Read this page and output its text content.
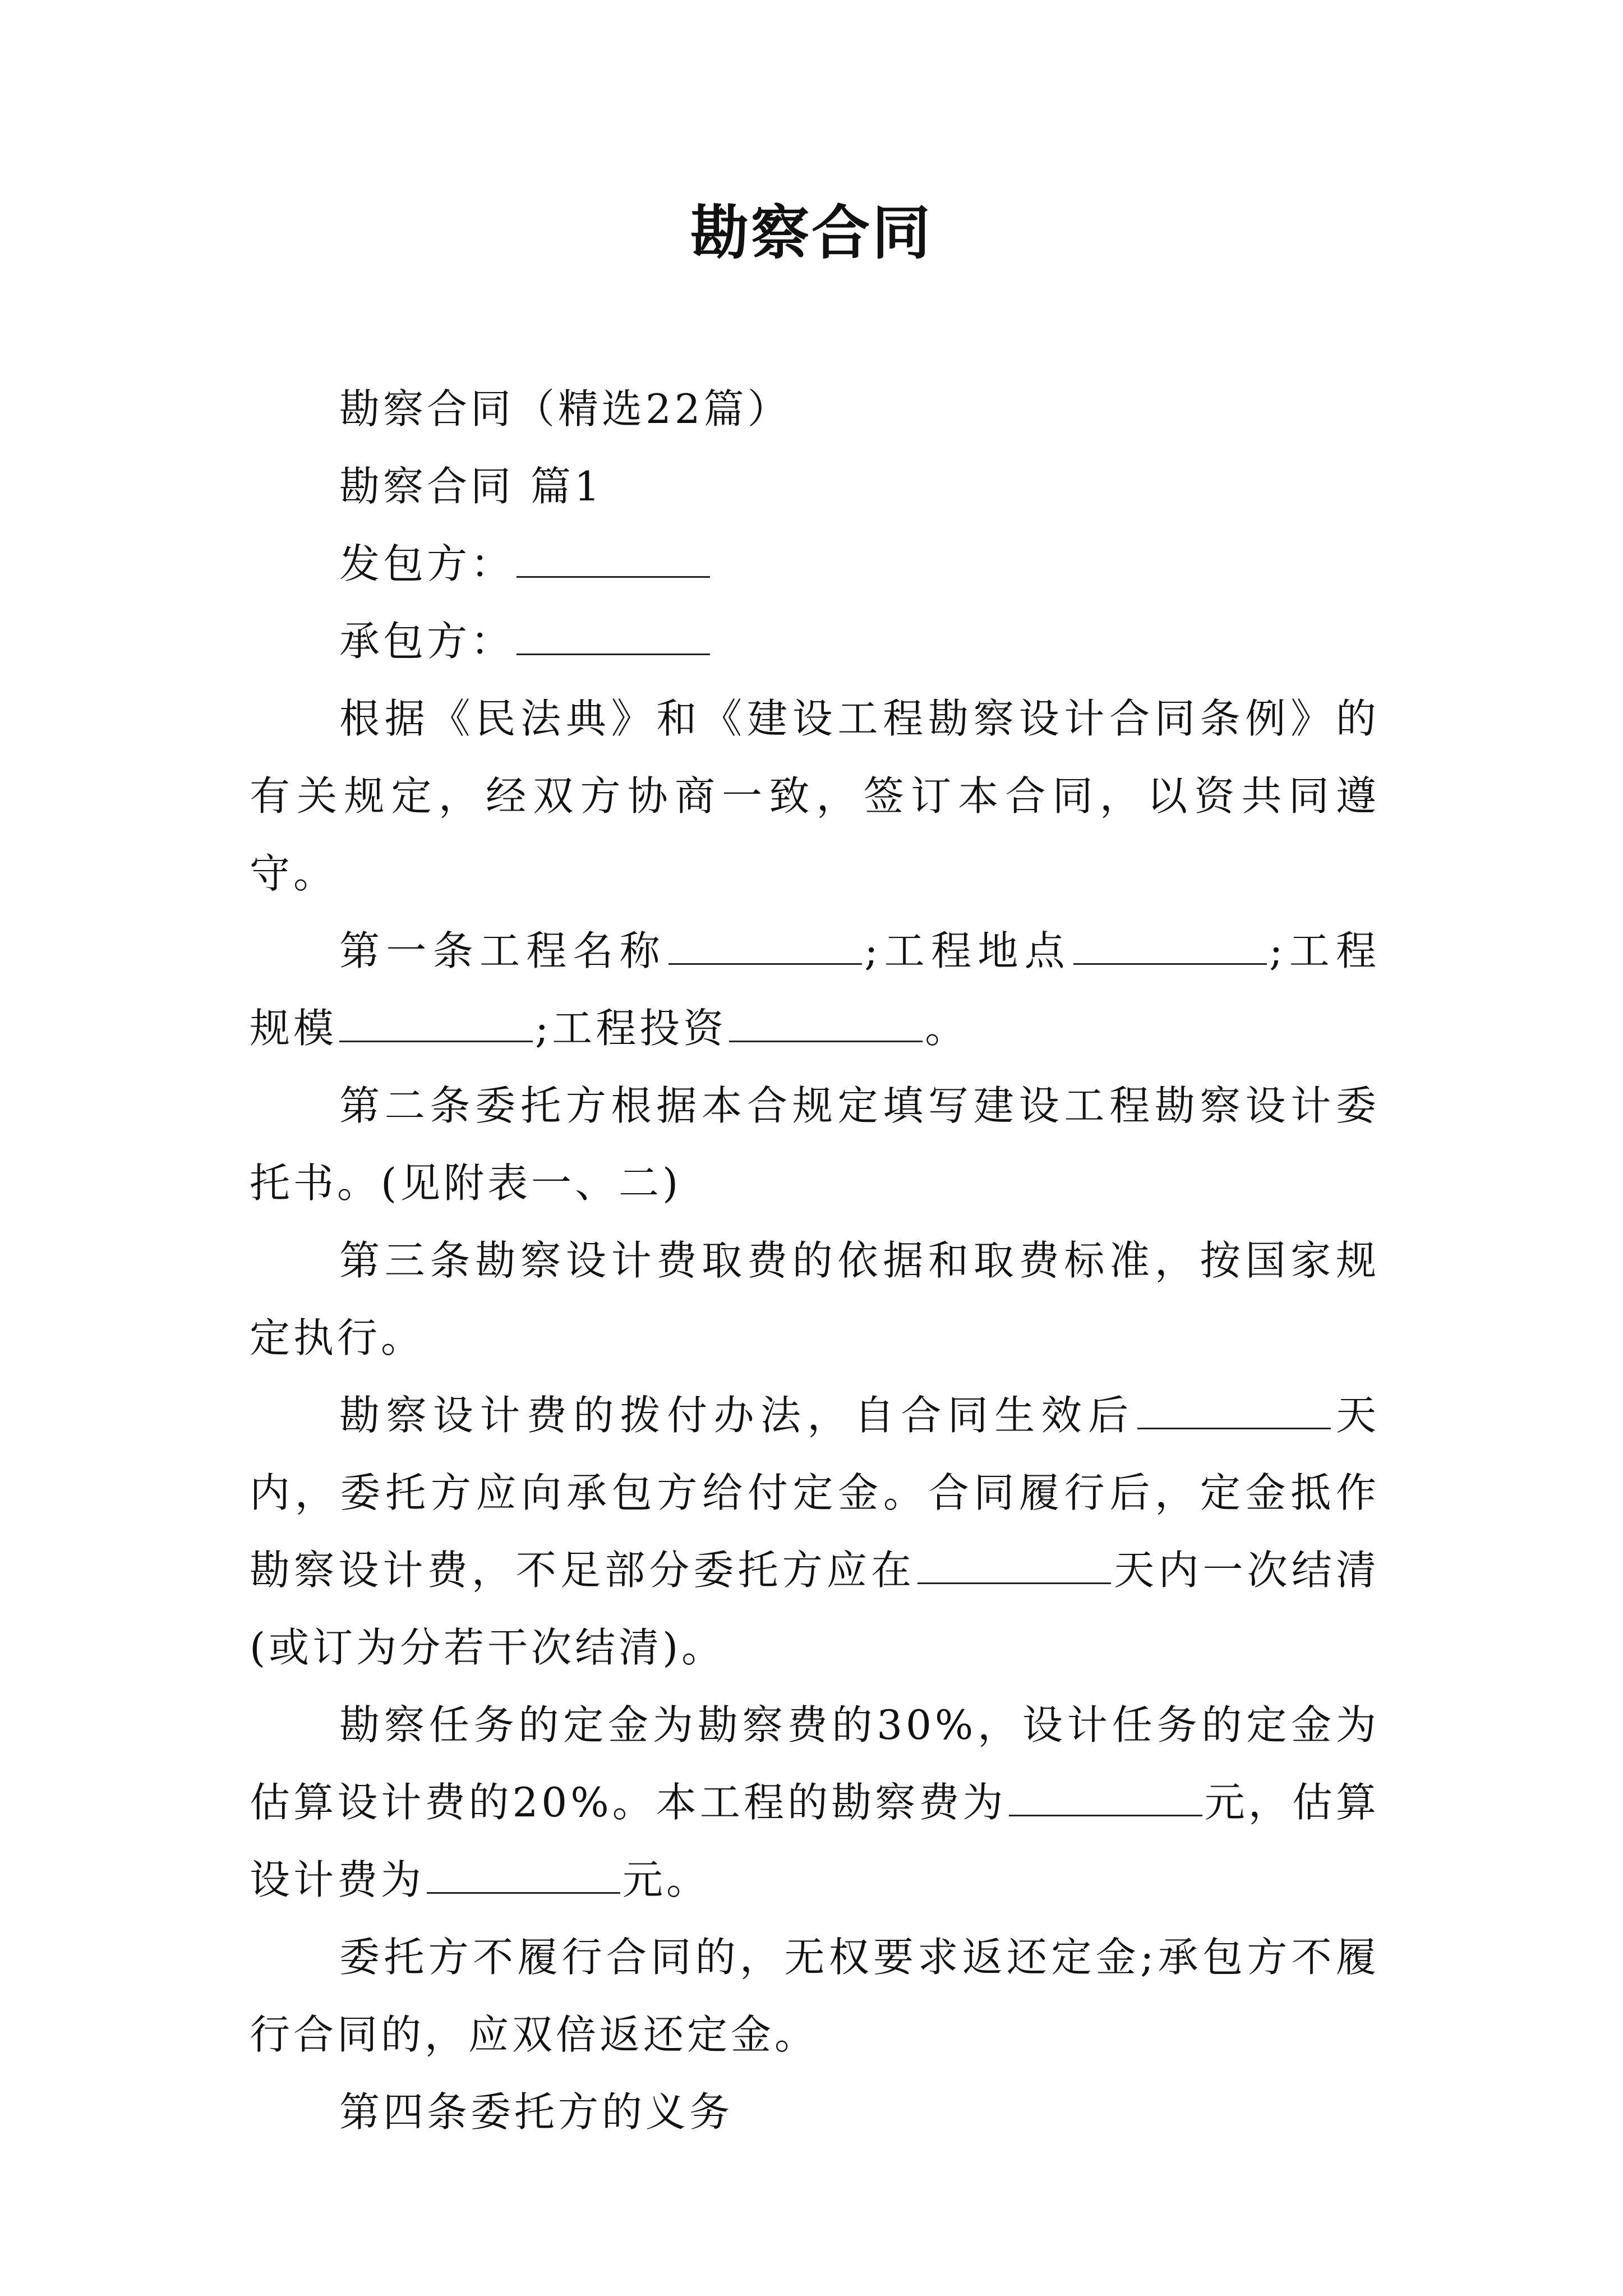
勘察合同

勘察合同（精选22篇）

勘察合同 篇1

发包方：

承包方：

根据《民法典》和《建设工程勘察设计合同条例》的有关规定，经双方协商一致，签订本合同，以资共同遵守。

第一条工程名称	;工程地点	;工程规模	;工程投资	。

第二条委托方根据本合规定填写建设工程勘察设计委托书。(见附表一、二)

第三条勘察设计费取费的依据和取费标准，按国家规定执行。

勘察设计费的拨付办法，自合同生效后	天内，委托方应向承包方给付定金。合同履行后，定金抵作勘察设计费，不足部分委托方应在	天内一次结清(或订为分若干次结清)。

勘察任务的定金为勘察费的30%，设计任务的定金为估算设计费的20%。本工程的勘察费为	元，估算设计费为	元。

委托方不履行合同的，无权要求返还定金;承包方不履行合同的，应双倍返还定金。

第四条委托方的义务
